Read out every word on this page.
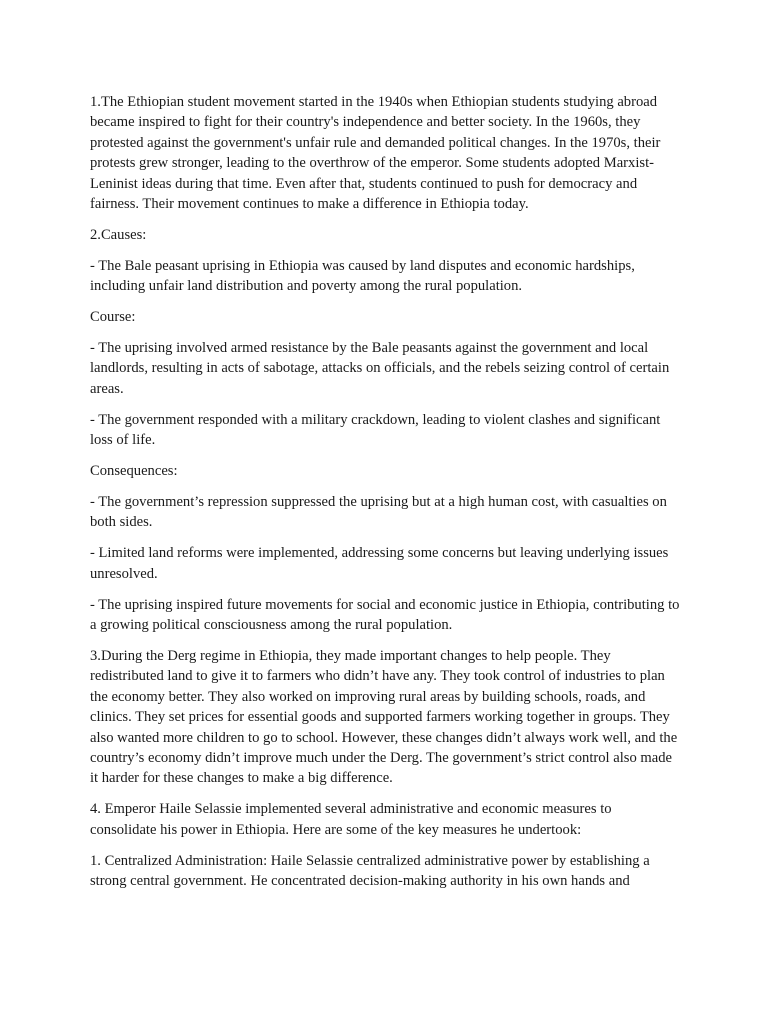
1.The Ethiopian student movement started in the 1940s when Ethiopian students studying abroad became inspired to fight for their country's independence and better society. In the 1960s, they protested against the government's unfair rule and demanded political changes. In the 1970s, their protests grew stronger, leading to the overthrow of the emperor. Some students adopted Marxist-Leninist ideas during that time. Even after that, students continued to push for democracy and fairness. Their movement continues to make a difference in Ethiopia today.

2.Causes:

- The Bale peasant uprising in Ethiopia was caused by land disputes and economic hardships, including unfair land distribution and poverty among the rural population.

Course:

- The uprising involved armed resistance by the Bale peasants against the government and local landlords, resulting in acts of sabotage, attacks on officials, and the rebels seizing control of certain areas.

- The government responded with a military crackdown, leading to violent clashes and significant loss of life.

Consequences:

- The government’s repression suppressed the uprising but at a high human cost, with casualties on both sides.

- Limited land reforms were implemented, addressing some concerns but leaving underlying issues unresolved.

- The uprising inspired future movements for social and economic justice in Ethiopia, contributing to a growing political consciousness among the rural population.

3.During the Derg regime in Ethiopia, they made important changes to help people. They redistributed land to give it to farmers who didn’t have any. They took control of industries to plan the economy better. They also worked on improving rural areas by building schools, roads, and clinics. They set prices for essential goods and supported farmers working together in groups. They also wanted more children to go to school. However, these changes didn’t always work well, and the country’s economy didn’t improve much under the Derg. The government’s strict control also made it harder for these changes to make a big difference.

4. Emperor Haile Selassie implemented several administrative and economic measures to consolidate his power in Ethiopia. Here are some of the key measures he undertook:

1. Centralized Administration: Haile Selassie centralized administrative power by establishing a strong central government. He concentrated decision-making authority in his own hands and
